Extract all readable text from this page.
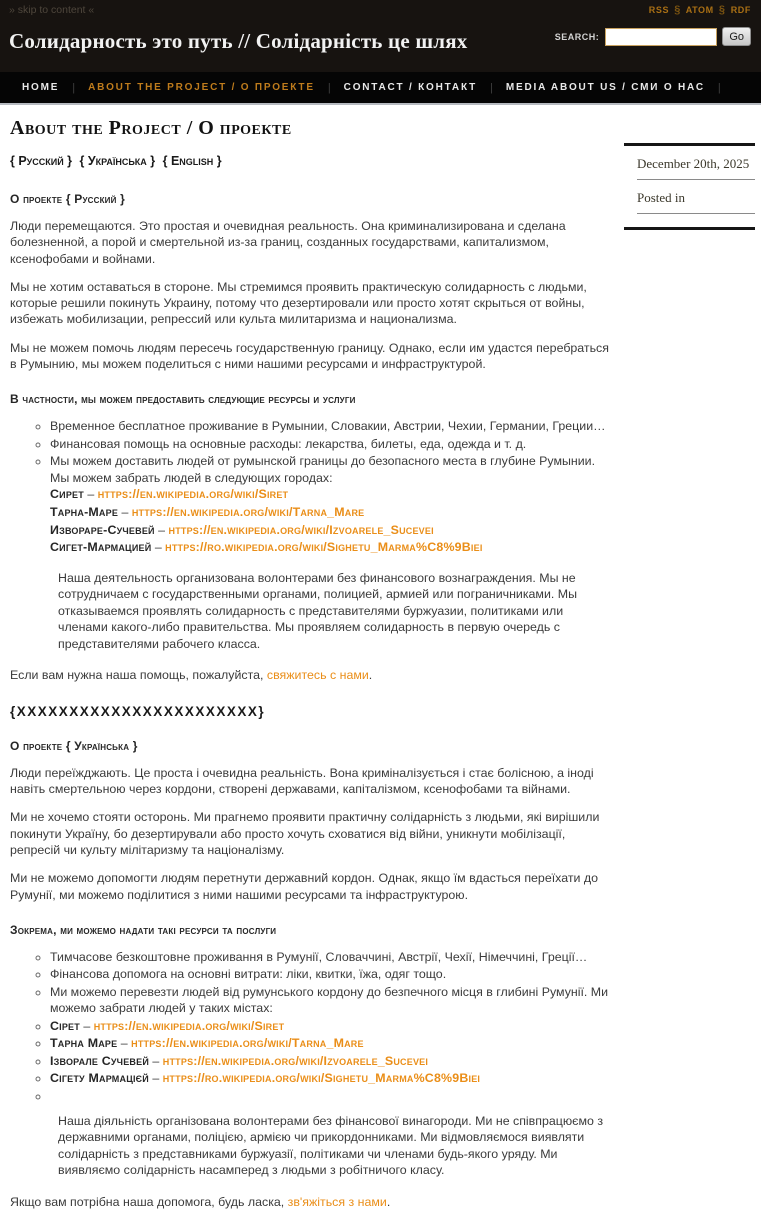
» skip to content «	RSS § ATOM § RDF
Солидарность это путь // Солідарність це шлях	SEARCH:	Go
HOME	|	ABOUT THE PROJECT / О ПРОЕКТЕ	|	CONTACT / КОНТАКТ	|	MEDIA ABOUT US / СМИ О НАС	|
About the Project / О проекте
{ Русский } { Українська } { English }
О проекте { Русский }

Люди перемещаются. Это простая и очевидная реальность. Она криминализирована и сделана болезненной, а порой и смертельной из-за границ, созданных государствами, капитализмом, ксенофобами и войнами.

Мы не хотим оставаться в стороне. Мы стремимся проявить практическую солидарность с людьми, которые решили покинуть Украину, потому что дезертировали или просто хотят скрыться от войны, избежать мобилизации, репрессий или культа милитаризма и национализма.

Мы не можем помочь людям пересечь государственную границу. Однако, если им удастся перебраться в Румынию, мы можем поделиться с ними нашими ресурсами и инфраструктурой.

В частности, мы можем предоставить следующие ресурсы и услуги
◦ Временное бесплатное проживание в Румынии, Словакии, Австрии, Чехии, Германии, Греции…
◦ Финансовая помощь на основные расходы: лекарства, билеты, еда, одежда и т. д.
◦ Мы можем доставить людей от румынской границы до безопасного места в глубине Румынии. Мы можем забрать людей в следующих городах:
Сирет – https://en.wikipedia.org/wiki/Siret
Тарна-Маре – https://en.wikipedia.org/wiki/Tarna_Mare
Извораре-Сучевей – https://en.wikipedia.org/wiki/Izvoarele_Sucevei
Сигет-Мармацией – https://ro.wikipedia.org/wiki/Sighetu_Marma%C8%9Biei

Наша деятельность организована волонтерами без финансового вознаграждения. Мы не сотрудничаем с государственными органами, полицией, армией или пограничниками. Мы отказываемся проявлять солидарность с представителями буржуазии, политиками или членами какого-либо правительства. Мы проявляем солидарность в первую очередь с представителями рабочего класса.

Если вам нужна наша помощь, пожалуйста, свяжитесь с нами.

{ХХХХХХХХХХХХХХХХХХХХХХХ}
О проекте { Українська }

Люди переїжджають. Це проста і очевидна реальність. Вона криміналізується і стає болісною, а іноді навіть смертельною через кордони, створені державами, капіталізмом, ксенофобами та війнами.

Ми не хочемо стояти осторонь. Ми прагнемо проявити практичну солідарність з людьми, які вирішили покинути Україну, бо дезертирували або просто хочуть сховатися від війни, уникнути мобілізації, репресій чи культу мілітаризму та націоналізму.

Ми не можемо допомогти людям перетнути державний кордон. Однак, якщо їм вдасться переїхати до Румунії, ми можемо поділитися з ними нашими ресурсами та інфраструктурою.

Зокрема, ми можемо надати такі ресурси та послуги
◦ Тимчасове безкоштовне проживання в Румунії, Словаччині, Австрії, Чехії, Німеччині, Греції…
◦ Фінансова допомога на основні витрати: ліки, квитки, їжа, одяг тощо.
◦ Ми можемо перевезти людей від румунського кордону до безпечного місця в глибині Румунії. Ми можемо забрати людей у таких містах:
◦ Сірет – https://en.wikipedia.org/wiki/Siret
◦ Тарна Маре – https://en.wikipedia.org/wiki/Tarna_Mare
◦ Ізворале Сучевей – https://en.wikipedia.org/wiki/Izvoarele_Sucevei
◦ Сігету Мармацієй – https://ro.wikipedia.org/wiki/Sighetu_Marma%C8%9Biei
◦

Наша діяльність організована волонтерами без фінансової винагороди. Ми не співпрацюємо з державними органами, поліцією, армією чи прикордонниками. Ми відмовляємося виявляти солідарність з представниками буржуазії, політиками чи членами будь-якого уряду. Ми виявляємо солідарність насамперед з людьми з робітничого класу.

Якщо вам потрібна наша допомога, будь ласка, зв'яжіться з нами.

December 20th, 2025
Posted in
